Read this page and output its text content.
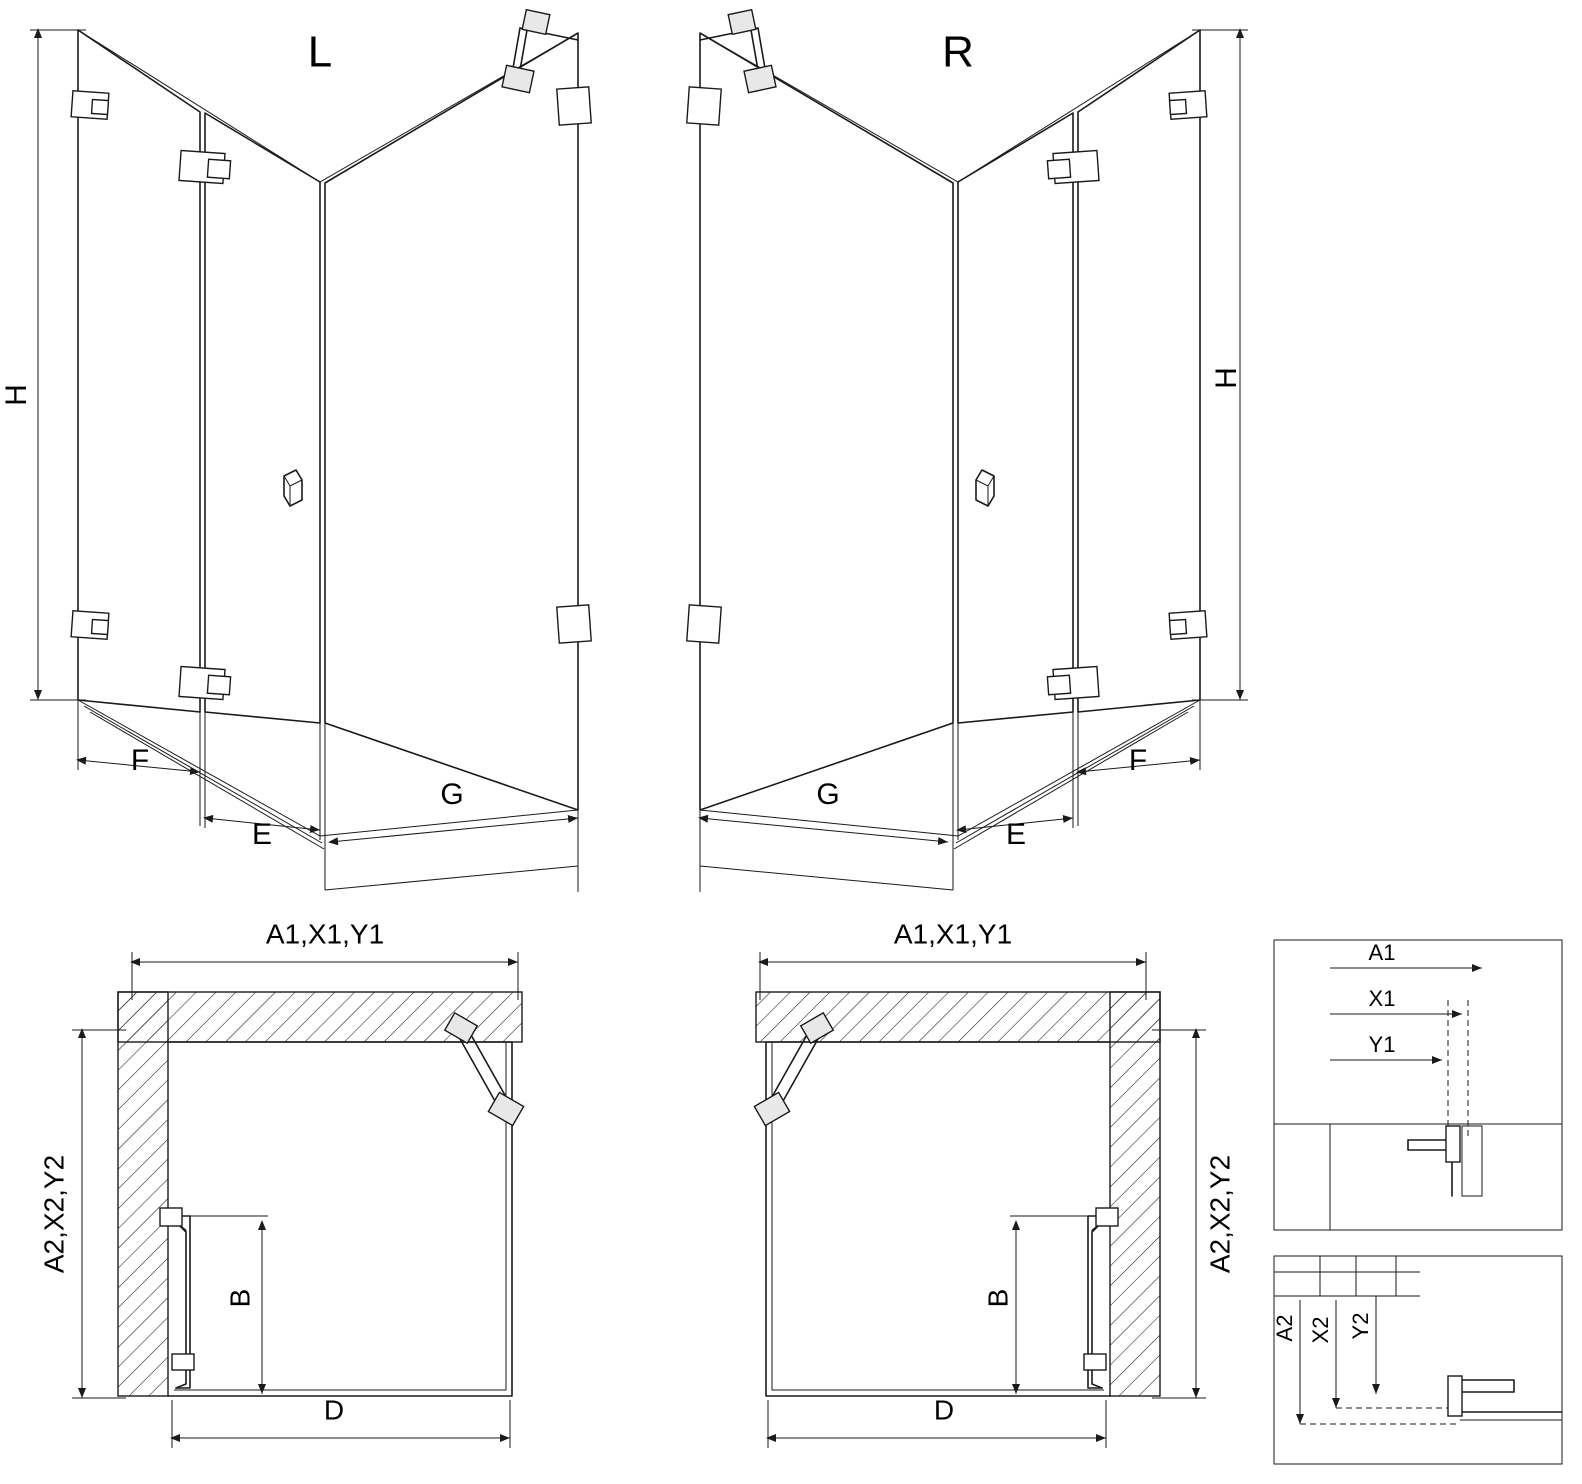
L
H
F
E
G
R
H
F
E
G
A1,X1,Y1
A2,X2,Y2
D
B
A1,X1,Y1
A2,X2,Y2
D
B
A1
X1
Y1
A2 X2 Y2
